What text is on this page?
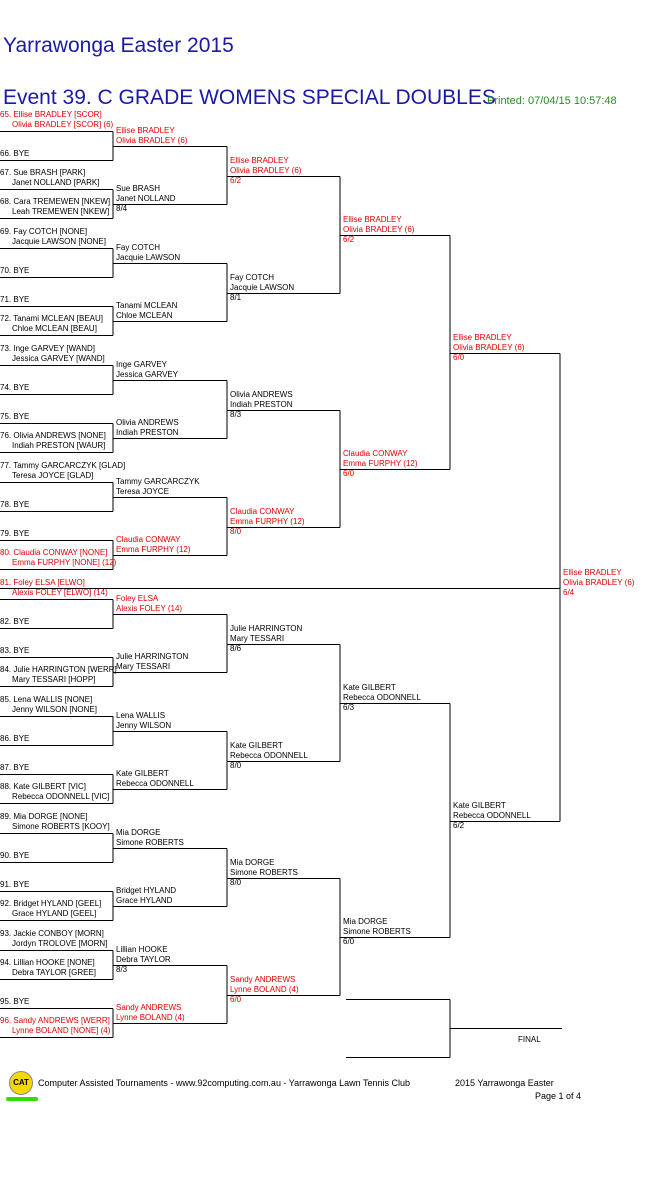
Yarrawonga Easter 2015
Event 39. C GRADE WOMENS SPECIAL DOUBLES
Printed: 07/04/15 10:57:48
65. Ellise BRADLEY [SCOR]
Olivia BRADLEY [SCOR] (6)
66. BYE
67. Sue BRASH [PARK]
Janet NOLLAND [PARK]
68. Cara TREMEWEN [NKEW]
Leah TREMEWEN [NKEW]
69. Fay COTCH [NONE]
Jacquie LAWSON [NONE]
70. BYE
71. BYE
72. Tanami MCLEAN [BEAU]
Chloe MCLEAN [BEAU]
73. Inge GARVEY [WAND]
Jessica GARVEY [WAND]
74. BYE
75. BYE
76. Olivia ANDREWS [NONE]
Indiah PRESTON [WAUR]
77. Tammy GARCARCZYK [GLAD]
Teresa JOYCE [GLAD]
78. BYE
79. BYE
80. Claudia CONWAY [NONE]
Emma FURPHY [NONE] (12)
81. Foley ELSA [ELWO]
Alexis FOLEY [ELWO] (14)
82. BYE
83. BYE
84. Julie HARRINGTON [WERR]
Mary TESSARI [HOPP]
85. Lena WALLIS [NONE]
Jenny WILSON [NONE]
86. BYE
87. BYE
88. Kate GILBERT [VIC]
Rebecca ODONNELL [VIC]
89. Mia DORGE [NONE]
Simone ROBERTS [KOOY]
90. BYE
91. BYE
92. Bridget HYLAND [GEEL]
Grace HYLAND [GEEL]
93. Jackie CONBOY [MORN]
Jordyn TROLOVE [MORN]
94. Lillian HOOKE [NONE]
Debra TAYLOR [GREE]
95. BYE
96. Sandy ANDREWS [WERR]
Lynne BOLAND [NONE] (4)
Ellise BRADLEY
Olivia BRADLEY (6)
Sue BRASH
Janet NOLLAND
8/4
Fay COTCH
Jacquie LAWSON
Tanami MCLEAN
Chloe MCLEAN
Inge GARVEY
Jessica GARVEY
Olivia ANDREWS
Indiah PRESTON
Tammy GARCARCZYK
Teresa JOYCE
Claudia CONWAY
Emma FURPHY (12)
Foley ELSA
Alexis FOLEY (14)
Julie HARRINGTON
Mary TESSARI
Lena WALLIS
Jenny WILSON
Kate GILBERT
Rebecca ODONNELL
Mia DORGE
Simone ROBERTS
Bridget HYLAND
Grace HYLAND
Lillian HOOKE
Debra TAYLOR
8/3
Sandy ANDREWS
Lynne BOLAND (4)
Ellise BRADLEY
Olivia BRADLEY (6)
6/2
Fay COTCH
Jacquie LAWSON
8/1
Olivia ANDREWS
Indiah PRESTON
8/3
Claudia CONWAY
Emma FURPHY (12)
8/0
Julie HARRINGTON
Mary TESSARI
8/6
Kate GILBERT
Rebecca ODONNELL
8/0
Mia DORGE
Simone ROBERTS
8/0
Sandy ANDREWS
Lynne BOLAND (4)
6/0
Ellise BRADLEY
Olivia BRADLEY (6)
6/2
Claudia CONWAY
Emma FURPHY (12)
6/0
Kate GILBERT
Rebecca ODONNELL
6/3
Mia DORGE
Simone ROBERTS
6/0
Ellise BRADLEY
Olivia BRADLEY (6)
6/0
Kate GILBERT
Rebecca ODONNELL
6/2
Ellise BRADLEY
Olivia BRADLEY (6)
6/4
FINAL
CAT	Computer Assisted Tournaments - www.92computing.com.au - Yarrawonga Lawn Tennis Club	2015 Yarrawonga Easter
Page 1 of 4
